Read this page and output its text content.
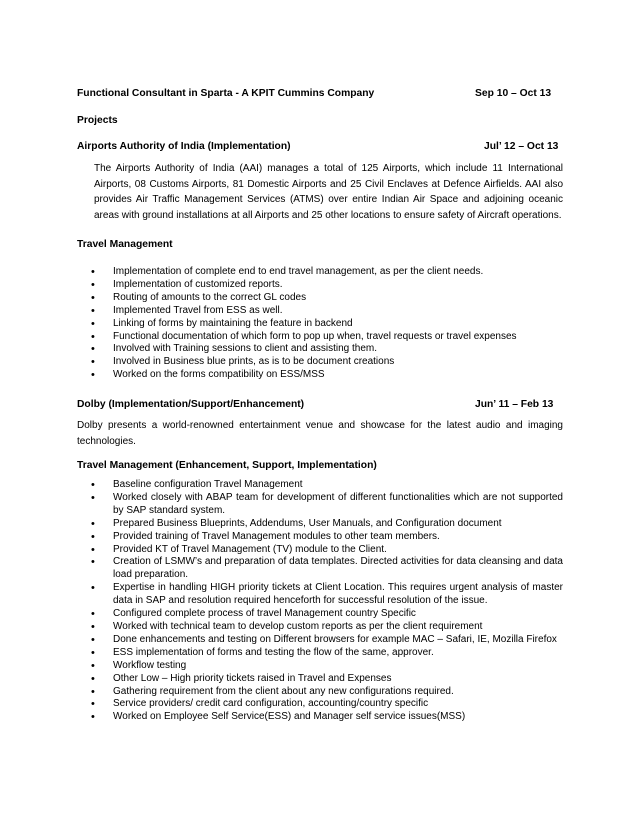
Functional Consultant in Sparta - A KPIT Cummins Company	Sep 10 – Oct 13
Projects
Airports Authority of India (Implementation)	Jul’ 12 – Oct 13
The Airports Authority of India (AAI) manages a total of 125 Airports, which include 11 International Airports, 08 Customs Airports, 81 Domestic Airports and 25 Civil Enclaves at Defence Airfields. AAI also provides Air Traffic Management Services (ATMS) over entire Indian Air Space and adjoining oceanic areas with ground installations at all Airports and 25 other locations to ensure safety of Aircraft operations.
Travel Management
• Implementation of complete end to end travel management, as per the client needs.
• Implementation of customized reports.
• Routing of amounts to the correct GL codes
• Implemented Travel from ESS as well.
• Linking of forms by maintaining the feature in backend
• Functional documentation of which form to pop up when, travel requests or travel expenses
• Involved with Training sessions to client and assisting them.
• Involved in Business blue prints, as is to be document creations
• Worked on the forms compatibility on ESS/MSS
Dolby (Implementation/Support/Enhancement)	Jun’ 11 – Feb 13
Dolby presents a world-renowned entertainment venue and showcase for the latest audio and imaging technologies.
Travel Management (Enhancement, Support, Implementation)
• Baseline configuration Travel Management
• Worked closely with ABAP team for development of different functionalities which are not supported by SAP standard system.
• Prepared Business Blueprints, Addendums, User Manuals, and Configuration document
• Provided training of Travel Management modules to other team members.
• Provided KT of Travel Management (TV) module to the Client.
• Creation of LSMW’s and preparation of data templates. Directed activities for data cleansing and data load preparation.
• Expertise in handling HIGH priority tickets at Client Location. This requires urgent analysis of master data in SAP and resolution required henceforth for successful resolution of the issue.
• Configured complete process of travel Management country Specific
• Worked with technical team to develop custom reports as per the client requirement
• Done enhancements and testing on Different browsers for example MAC – Safari, IE, Mozilla Firefox
• ESS implementation of forms and testing the flow of the same, approver.
• Workflow testing
• Other Low – High priority tickets raised in Travel and Expenses
• Gathering requirement from the client about any new configurations required.
• Service providers/ credit card configuration, accounting/country specific
• Worked on Employee Self Service(ESS) and Manager self service issues(MSS)
